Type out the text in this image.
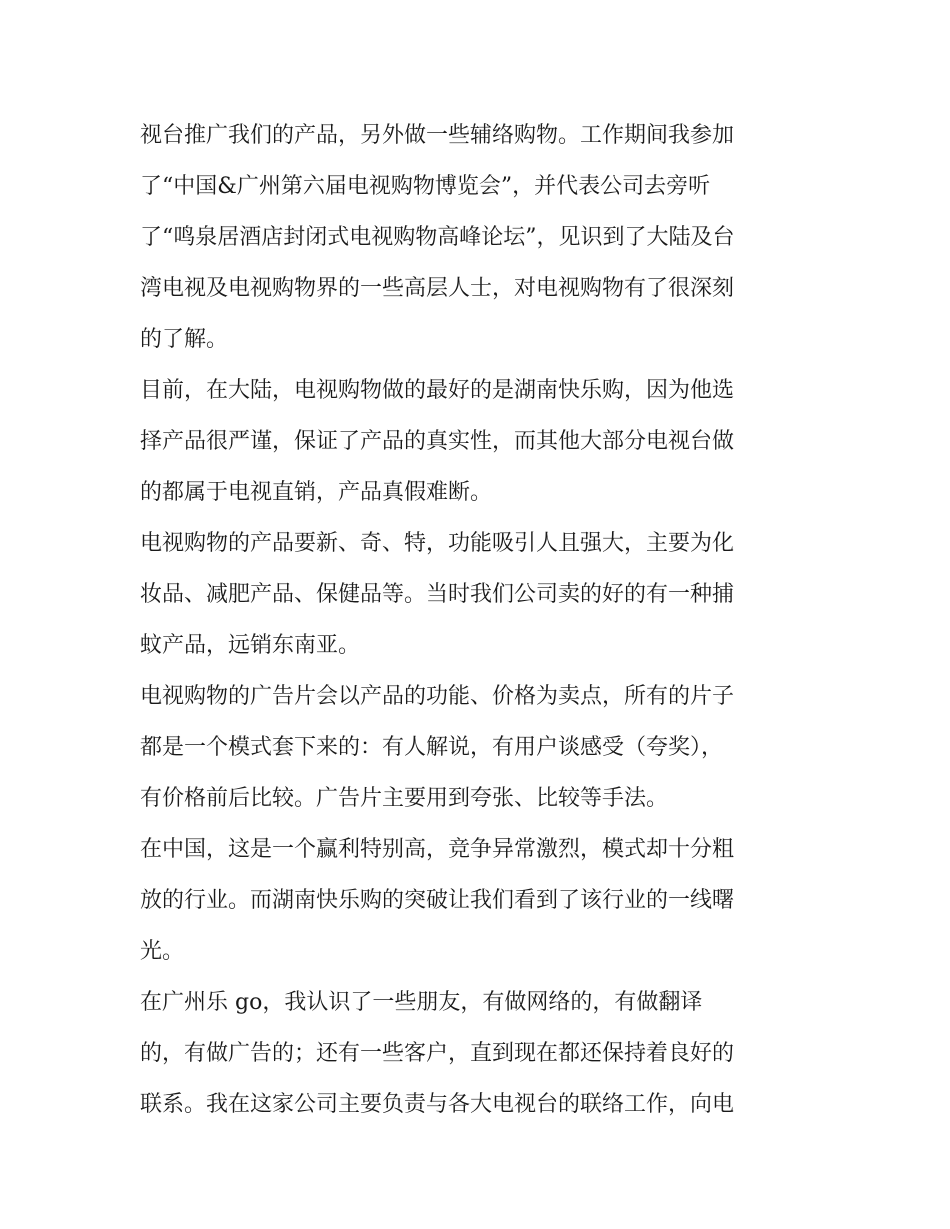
视台推广我们的产品，另外做一些辅络购物。工作期间我参加
了“中国&广州第六届电视购物博览会”，并代表公司去旁听
了“鸣泉居酒店封闭式电视购物高峰论坛”，见识到了大陆及台
湾电视及电视购物界的一些高层人士，对电视购物有了很深刻
的了解。
目前，在大陆，电视购物做的最好的是湖南快乐购，因为他选
择产品很严谨，保证了产品的真实性，而其他大部分电视台做
的都属于电视直销，产品真假难断。
电视购物的产品要新、奇、特，功能吸引人且强大，主要为化
妆品、减肥产品、保健品等。当时我们公司卖的好的有一种捕
蚊产品，远销东南亚。
电视购物的广告片会以产品的功能、价格为卖点，所有的片子
都是一个模式套下来的：有人解说，有用户谈感受（夸奖），
有价格前后比较。广告片主要用到夸张、比较等手法。
在中国，这是一个赢利特别高，竞争异常激烈，模式却十分粗
放的行业。而湖南快乐购的突破让我们看到了该行业的一线曙
光。
在广州乐 go，我认识了一些朋友，有做网络的，有做翻译
的，有做广告的；还有一些客户，直到现在都还保持着良好的
联系。我在这家公司主要负责与各大电视台的联络工作，向电
